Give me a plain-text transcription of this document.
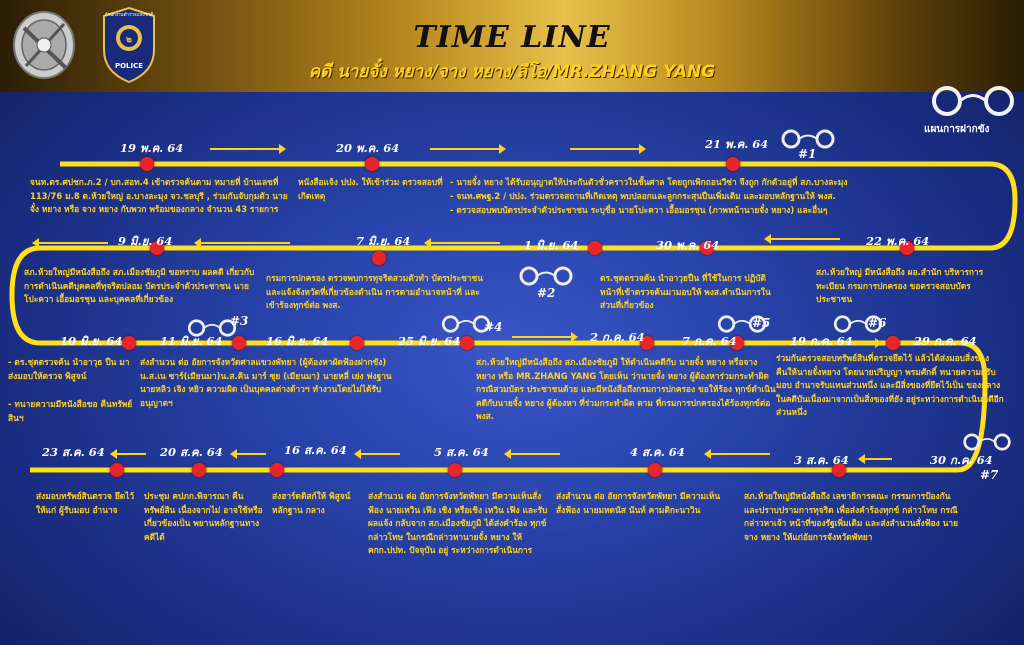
๒
POLICE
สำนักงานตำรวจแห่งชาติ
TIME LINE
คดี นายจั๋ง หยาง/จาง หยาง/ลีโอ/MR.ZHANG YANG
19 พ.ค. 64	20 พ.ค. 64	21 พ.ค. 64
#1
แผนการฝากขัง
จนท.ตร.ศปชก.ภ.2 / บก.สอท.4 เข้าตรวจค้นตาม หมายที่ บ้านเลขที่ 113/76 ม.8 ต.ห้วยใหญ่ อ.บางละมุง จว.ชลบุรี , ร่วมกันจับกุมตัว นายจั๋ง หยาง หรือ จาง หยาง กับพวก พร้อมของกลาง จำนวน 43 รายการ
หนังสือแจ้ง ปปง. ให้เข้าร่วม ตรวจสอบที่เกิดเหตุ
- นายจั๋ง หยาง ได้รับอนุญาตให้ประกันตัวชั่วคราวในชั้นศาล โดยถูกเพิกถอนวีซ่า จึงถูก กักตัวอยู่ที่ สภ.บางละมุง
- จนท.ศพฐ.2 / ปปง. ร่วมตรวจสถานที่เกิดเหตุ พบปลอกและลูกกระสุนปืนเพิ่มเติม และมอบหลักฐานให้ พงส.
- ตรวจสอบพบบัตรประจำตัวประชาชน ระบุชื่อ นายโปะควา เอื้อมอรชุน (ภาพหน้านายจั๋ง หยาง) และอื่นๆ
9 มิ.ย. 64	7 มิ.ย. 64	1 มิ.ย. 64	30 พ.ค. 64	22 พ.ค. 64
#2
สภ.ห้วยใหญ่มีหนังสือถึง สภ.เมืองชัยภูมิ ขอทราบ ผลคดี เกี่ยวกับการดำเนินคดีบุคคลที่ทุจริตปลอม บัตรประจำตัวประชาชน นายโปะควา เอื้อมอรชุน และบุคคลที่เกี่ยวข้อง
กรมการปกครอง ตรวจพบการทุจริตสวมตัวทำ บัตรประชาชน และแจ้งจังหวัดที่เกี่ยวข้องดำเนิน การตามอำนาจหน้าที่ และเข้าร้องทุกข์ต่อ พงส.
ตร.ชุดตรวจค้น นำอาวุธปืน ที่ใช้ในการ ปฏิบัติหน้าที่เข้าตรวจค้นมามอบให้ พงส.ดำเนินการในส่วนที่เกี่ยวข้อง
สภ.ห้วยใหญ่ มีหนังสือถึง ผอ.สำนัก บริหารการทะเบียน กรมการปกครอง ขอตรวจสอบบัตรประชาชน
10 มิ.ย. 64	11 มิ.ย. 64
#3
16 มิ.ย. 64	25 มิ.ย. 64
#4
2 ก.ค. 64	7 ก.ค. 64
#5
19 ก.ค. 64
#6
29 ก.ค. 64
- ตร.ชุดตรวจค้น นำอาวุธ ปืน มาส่งมอบให้ตรวจ พิสูจน์
- ทนายความมีหนังสือขอ คืนทรัพย์สินฯ
ส่งสำนวน ต่อ อัยการจังหวัดศาลแขวงพัทยา (ผู้ต้องหาผัดฟ้องฝากขัง) น.ส.เน ซาร์(เมียนมา)น.ส.คิน มาร์ ซุย (เมียนมา) นายหลี่ เย่ง ฟงฐาน นายหลิว เจิง หยิว ความผิด เป็นบุคคลต่างด้าวฯ ทำงานโดยไม่ได้รับอนุญาตฯ
สภ.ห้วยใหญ่มีหนังสือถึง สภ.เมืองชัยภูมิ ให้ดำเนินคดีกับ นายจั๋ง หยาง หรือจาง หยาง หรือ MR.ZHANG YANG โดยเห็น ว่านายจั๋ง หยาง ผู้ต้องหาร่วมกระทำผิดกรณีสวมบัตร ประชาชนด้วย และมีหนังสือถึงกรมการปกครอง ขอให้ร้อง ทุกข์ดำเนินคดีกับนายจั๋ง หยาง ผู้ต้องหา ที่ร่วมกระทำผิด ตาม ที่กรมการปกครองได้ร้องทุกข์ต่อ พงส.
ร่วมกันตรวจสอบทรัพย์สินที่ตรวจยึดไว้ แล้วได้ส่งมอบสิ่งของคืนให้นายจั๋งหยาง โดยนายปริญญา พรมศักดิ์ ทนายความผู้รับมอบ อำนาจรับแทนส่วนหนึ่ง และมีสิ่งของที่ยึดไว้เป็น ของกลางในคดีบันเนื่องมาจากเป็นสิ่งของที่ยัง อยู่ระหว่างการดำเนินคดีอีกส่วนหนึ่ง
23 ส.ค. 64	20 ส.ค. 64	16 ส.ค. 64	5 ส.ค. 64	4 ส.ค. 64
3 ส.ค. 64	30 ก.ค. 64
#7
ส่งมอบทรัพย์สินตรวจ ยึดไว้ ให้แก่ ผู้รับมอบ อำนาจ
ประชุม คปภก.พิจารณา คืนทรัพย์สิน เนื่องจากไม่ อาจใช้หรือเกี่ยวข้องเป็น พยานหลักฐานทางคดีได้
ส่งฮาร์ดดิสก์ให้ พิสูจน์หลักฐาน กลาง
ส่งสำนวน ต่อ อัยการจังหวัดพัทยา มีความเห็นสั่งฟ้อง นายเหวิน เฟิง เชิง หรือเชิง เหวิน เฟิง และรับผลแจ้ง กลับจาก สภ.เมืองชัยภูมิ ได้ส่งคำร้อง ทุกข์กล่าวโทษ ในกรณีกล่าวหานายจั๋ง หยาง ให้ คกก.ปปท. ปัจจุบัน อยู่ ระหว่างการดำเนินการ
ส่งสำนวน ต่อ อัยการจังหวัดพัทยา มีความเห็นสั่งฟ้อง นายมหดนัส นันท์ คามดิกะนาวิน
สภ.ห้วยใหญ่มีหนังสือถึง เลขาธิการคณะ กรรมการป้องกันและปราบปรามการทุจริต เพื่อส่งคำร้องทุกข์ กล่าวโทษ กรณีกล่าวหาเจ้า หน้าที่ของรัฐเพิ่มเติม และส่งสำนวนสั่งฟ้อง นาย จาง หยาง ให้แก่อัยการจังหวัดพัทยา
